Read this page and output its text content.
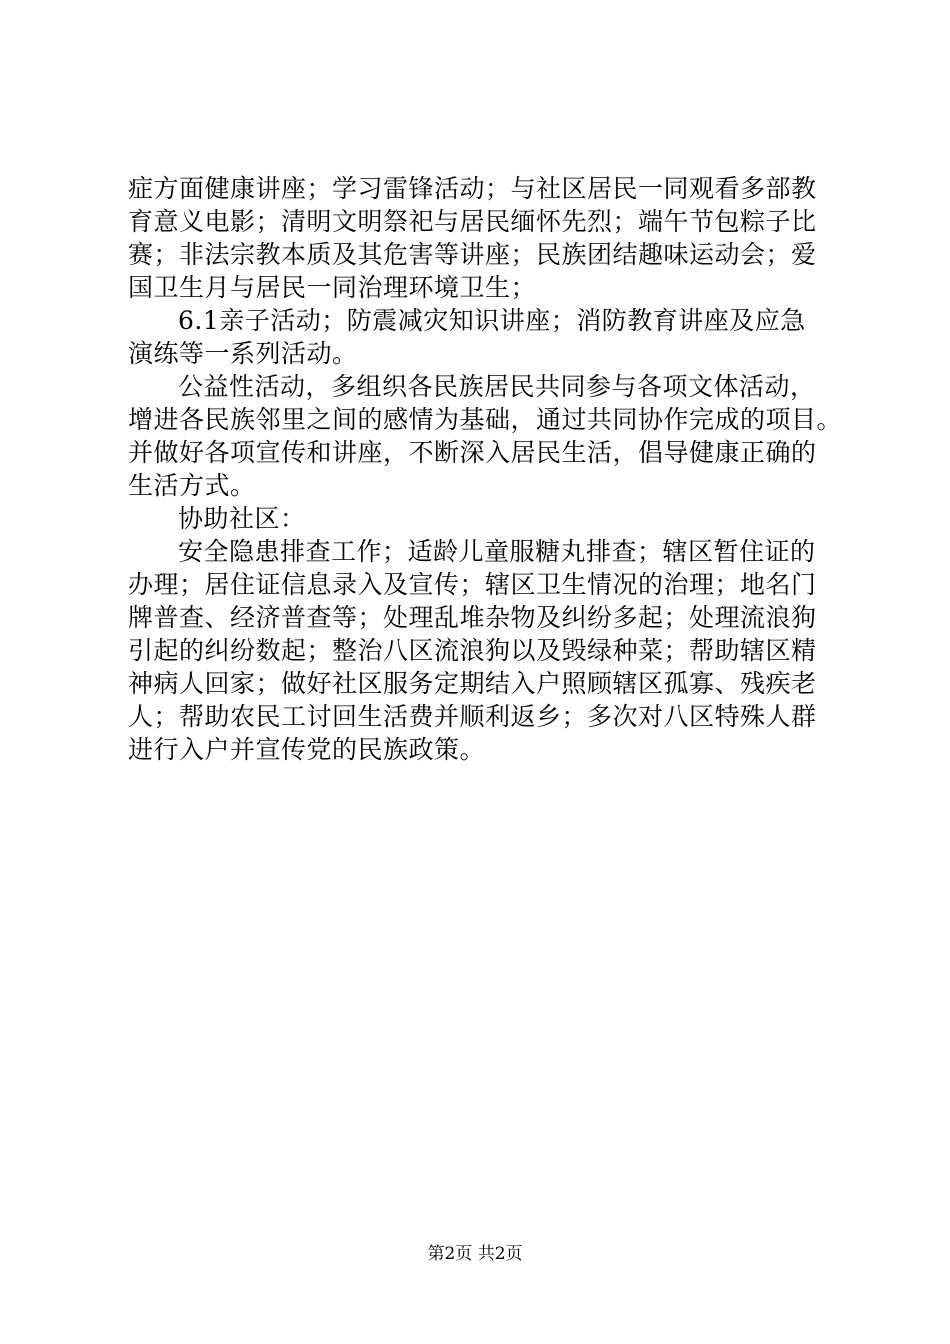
症方面健康讲座；学习雷锋活动；与社区居民一同观看多部教
育意义电影；清明文明祭祀与居民缅怀先烈；端午节包粽子比
赛；非法宗教本质及其危害等讲座；民族团结趣味运动会；爱
国卫生月与居民一同治理环境卫生；
6.1亲子活动；防震减灾知识讲座；消防教育讲座及应急
演练等一系列活动。
公益性活动，多组织各民族居民共同参与各项文体活动，
增进各民族邻里之间的感情为基础，通过共同协作完成的项目。
并做好各项宣传和讲座，不断深入居民生活，倡导健康正确的
生活方式。
协助社区：
安全隐患排查工作；适龄儿童服糖丸排查；辖区暂住证的
办理；居住证信息录入及宣传；辖区卫生情况的治理；地名门
牌普查、经济普查等；处理乱堆杂物及纠纷多起；处理流浪狗
引起的纠纷数起；整治八区流浪狗以及毁绿种菜；帮助辖区精
神病人回家；做好社区服务定期结入户照顾辖区孤寡、残疾老
人；帮助农民工讨回生活费并顺利返乡；多次对八区特殊人群
进行入户并宣传党的民族政策。
第2页 共2页
